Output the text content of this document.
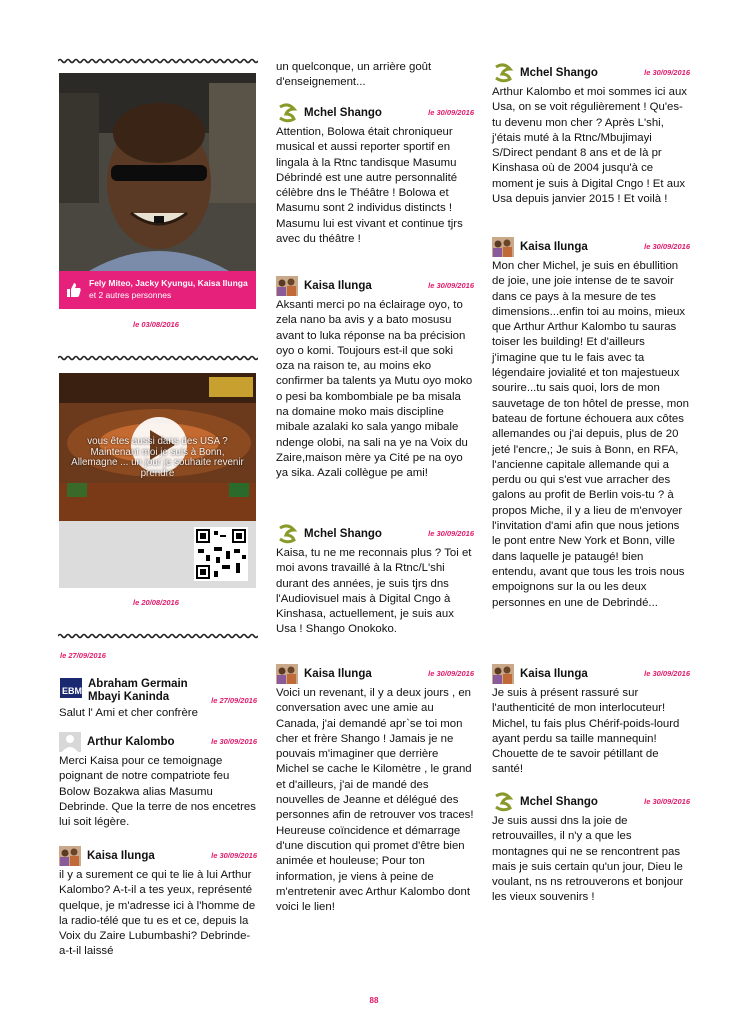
Fely Miteo, Jacky Kyungu, Kaisa Ilunga et 2 autres personnes
le 03/08/2016
vous êtes aussi dans des USA ? Maintenant moi je suis à Bonn, Allemagne ... un jour je souhaite revenir prendre
le 20/08/2016
le 27/09/2016
EBM
Abraham Germain Mbayi Kaninda	le 27/09/2016
Salut l' Ami et cher confrère
Arthur Kalombo	le 30/09/2016
Merci Kaisa pour ce temoignage poignant de notre compatriote feu Bolow Bozakwa alias Masumu Debrinde. Que la terre de nos encetres lui soit légère.
Kaisa Ilunga	le 30/09/2016
il y a surement ce qui te lie à lui Arthur Kalombo? A-t-il a tes yeux, représenté quelque, je m'adresse ici à l'homme de la radio-télé que tu es et ce, depuis la Voix du Zaire Lubumbashi? Debrinde-a-t-il laissé
un quelconque, un arrière goût d'enseignement...
Mchel Shango	le 30/09/2016
Attention, Bolowa était chroniqueur musical et aussi reporter sportif en lingala à la Rtnc tandisque Masumu Débrindé est une autre personnalité célèbre dns le Théâtre ! Bolowa et Masumu sont 2 individus distincts ! Masumu lui est vivant et continue tjrs avec du théâtre !
Kaisa Ilunga	le 30/09/2016
Aksanti merci po na éclairage oyo, to zela nano ba avis y a bato mosusu avant to luka réponse na ba précision oyo o komi. Toujours est-il que soki oza na raison te, au moins eko confirmer ba talents ya Mutu oyo moko o pesi ba kombombiale pe ba misala na domaine moko mais discipline mibale azalaki ko sala yango mibale ndenge olobi, na sali na ye na Voix du Zaire,maison mère ya Cité pe na oyo ya sika. Azali collègue pe ami!
Mchel Shango	le 30/09/2016
Kaisa, tu ne me reconnais plus ? Toi et moi avons travaillé à la Rtnc/L'shi durant des années, je suis tjrs dns l'Audiovisuel mais à Digital Cngo à Kinshasa, actuellement, je suis aux Usa ! Shango Onokoko.
Kaisa Ilunga	le 30/09/2016
Voici un revenant, il y a deux jours , en conversation avec une amie au Canada, j'ai demandé apr`se toi mon cher et frère Shango ! Jamais je ne pouvais m'imaginer que derrière Michel se cache le Kilomètre , le grand et d'ailleurs, j'ai de mandé des nouvelles de Jeanne et délégué des personnes afin de retrouver vos traces! Heureuse coïncidence et démarrage d'une discution qui promet d'être bien animée et houleuse; Pour ton information, je viens à peine de m'entretenir avec Arthur Kalombo dont voici le lien!
Mchel Shango	le 30/09/2016
Arthur Kalombo et moi sommes ici aux Usa, on se voit régulièrement ! Qu'es-tu devenu mon cher ? Après L'shi, j'étais muté à la Rtnc/Mbujimayi S/Direct pendant 8 ans et de là pr Kinshasa où de 2004 jusqu'à ce moment je suis à Digital Cngo ! Et aux Usa depuis janvier 2015 ! Et voilà !
Kaisa Ilunga	le 30/09/2016
Mon cher Michel, je suis en ébullition de joie, une joie intense de te savoir dans ce pays à la mesure de tes dimensions...enfin toi au moins, mieux que Arthur Arthur Kalombo tu sauras toiser les building! Et d'ailleurs j'imagine que tu le fais avec ta légendaire jovialité et ton majestueux sourire...tu sais quoi, lors de mon sauvetage de ton hôtel de presse, mon bateau de fortune échouera aux côtes allemandes ou j'ai depuis, plus de 20 jeté l'encre,; Je suis à Bonn, en RFA, l'ancienne capitale allemande qui a perdu ou qui s'est vue arracher des galons au profit de Berlin vois-tu ? à propos Miche, il y a lieu de m'envoyer l'invitation d'ami afin que nous jetions le pont entre New York et Bonn, ville dans laquelle je pataugé! bien entendu, avant que tous les trois nous empoignons sur la ou les deux personnes en une de Debrindé...
Kaisa Ilunga	le 30/09/2016
Je suis à présent rassuré sur l'authenticité de mon interlocuteur! Michel, tu fais plus Chérif-poids-lourd ayant perdu sa taille mannequin! Chouette de te savoir pétillant de santé!
Mchel Shango	le 30/09/2016
Je suis aussi dns la joie de retrouvailles, il n'y a que les montagnes qui ne se rencontrent pas mais je suis certain qu'un jour, Dieu le voulant, ns ns retrouverons et bonjour les vieux souvenirs !
88
